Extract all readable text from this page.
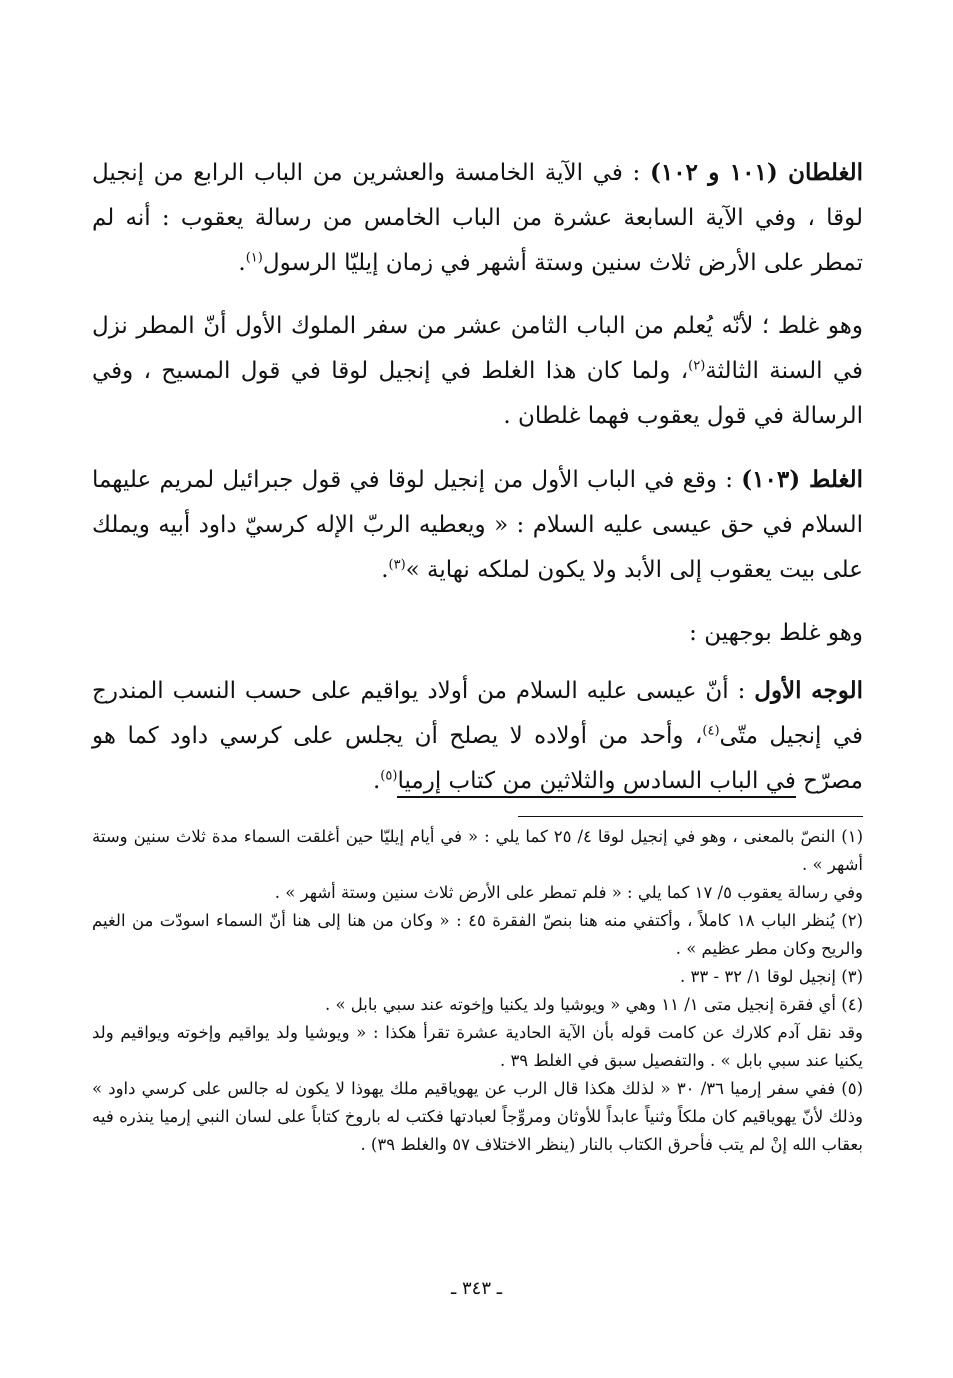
الغلطان (١٠١ و ١٠٢) : في الآية الخامسة والعشرين من الباب الرابع من إنجيل لوقا ، وفي الآية السابعة عشرة من الباب الخامس من رسالة يعقوب : أنه لم تمطر على الأرض ثلاث سنين وستة أشهر في زمان إيليّا الرسول$^{(١)}$.

وهو غلط ؛ لأنّه يُعلم من الباب الثامن عشر من سفر الملوك الأول أنّ المطر نزل في السنة الثالثة$^{(٢)}$، ولما كان هذا الغلط في إنجيل لوقا في قول المسيح ، وفي الرسالة في قول يعقوب فهما غلطان .

الغلط (١٠٣) : وقع في الباب الأول من إنجيل لوقا في قول جبرائيل لمريم عليهما السلام في حق عيسى عليه السلام : « ويعطيه الربّ الإله كرسيّ داود أبيه ويملك على بيت يعقوب إلى الأبد ولا يكون لملكه نهاية »$^{(٣)}$.

وهو غلط بوجهين :

الوجه الأول : أنّ عيسى عليه السلام من أولاد يواقيم على حسب النسب المندرج في إنجيل متّى$^{(٤)}$، وأحد من أولاده لا يصلح أن يجلس على كرسي داود كما هو مصرّح في الباب السادس والثلاثين من كتاب إرميا$^{(٥)}$.

(١) النصّ بالمعنى ، وهو في إنجيل لوقا ٤/ ٢٥ كما يلي : « في أيام إيليّا حين أغلقت السماء مدة ثلاث سنين وستة أشهر » .

وفي رسالة يعقوب ٥/ ١٧ كما يلي : « فلم تمطر على الأرض ثلاث سنين وستة أشهر » .

(٢) يُنظر الباب ١٨ كاملاً ، وأكتفي منه هنا بنصّ الفقرة ٤٥ : « وكان من هنا إلى هنا أنّ السماء اسودّت من الغيم والريح وكان مطر عظيم » .

(٣) إنجيل لوقا ١/ ٣٢ - ٣٣ .

(٤) أي فقرة إنجيل متى ١/ ١١ وهي « ويوشيا ولد يكنيا وإخوته عند سبي بابل » .

وقد نقل آدم كلارك عن كامت قوله بأن الآية الحادية عشرة تقرأ هكذا : « ويوشيا ولد يواقيم وإخوته ويواقيم ولد يكنيا عند سبي بابل » . والتفصيل سبق في الغلط ٣٩ .

(٥) ففي سفر إرميا ٣٦/ ٣٠ « لذلك هكذا قال الرب عن يهوياقيم ملك يهوذا لا يكون له جالس على كرسي داود » وذلك لأنّ يهوياقيم كان ملكاً وثنياً عابداً للأوثان ومروِّجاً لعبادتها فكتب له باروخ كتاباً على لسان النبي إرميا ينذره فيه بعقاب الله إنْ لم يتب فأحرق الكتاب بالنار (ينظر الاختلاف ٥٧ والغلط ٣٩) .

ـ ٣٤٣ ـ
